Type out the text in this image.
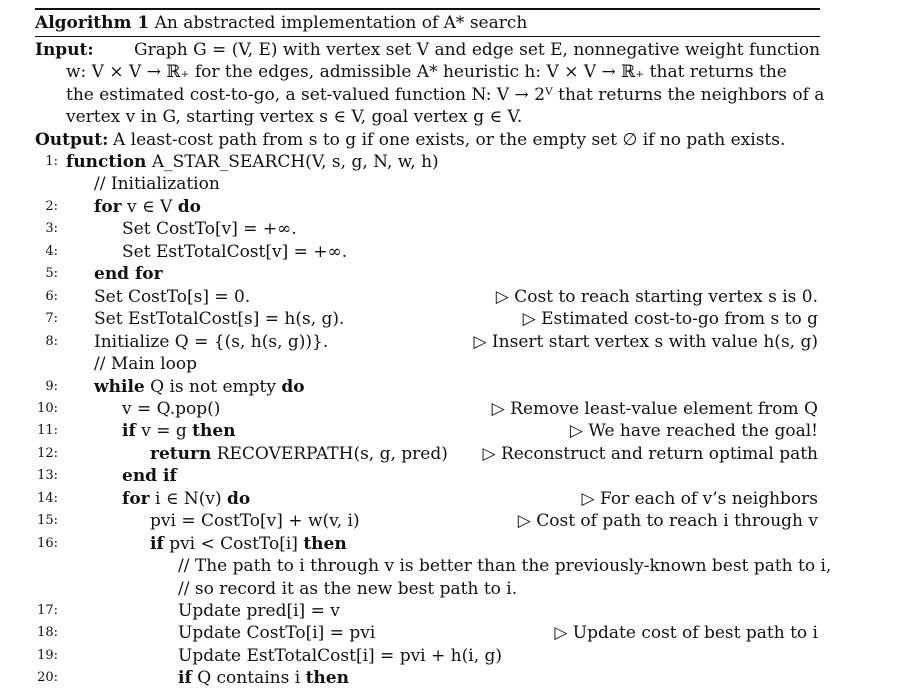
Algorithm 1 An abstracted implementation of A* search
Input: Graph G = (V, E) with vertex set V and edge set E, nonnegative weight function
w: V × V → ℝ₊ for the edges, admissible A* heuristic h: V × V → ℝ₊ that returns the
the estimated cost-to-go, a set-valued function N: V → 2ⱽ that returns the neighbors of a
vertex v in G, starting vertex s ∈ V, goal vertex g ∈ V.
Output: A least-cost path from s to g if one exists, or the empty set ∅ if no path exists.
1: function A_STAR_SEARCH(V, s, g, N, w, h)
// Initialization
2: for v ∈ V do
3:	Set CostTo[v] = +∞.
4:	Set EstTotalCost[v] = +∞.
5: end for
6: Set CostTo[s] = 0.	▷ Cost to reach starting vertex s is 0.
7: Set EstTotalCost[s] = h(s, g).	▷ Estimated cost-to-go from s to g
8: Initialize Q = {(s, h(s, g))}.	▷ Insert start vertex s with value h(s, g)
// Main loop
9: while Q is not empty do
10:	v = Q.pop()	▷ Remove least-value element from Q
11:	if v = g then	▷ We have reached the goal!
12:	return RECOVERPATH(s, g, pred) ▷ Reconstruct and return optimal path
13:	end if
14:	for i ∈ N(v) do	▷ For each of v’s neighbors
15:	pvi = CostTo[v] + w(v, i)	▷ Cost of path to reach i through v
16:	if pvi < CostTo[i] then
// The path to i through v is better than the previously-known best path to i,
// so record it as the new best path to i.
17:	Update pred[i] = v
18:	Update CostTo[i] = pvi	▷ Update cost of best path to i
19:	Update EstTotalCost[i] = pvi + h(i, g)
20:	if Q contains i then
